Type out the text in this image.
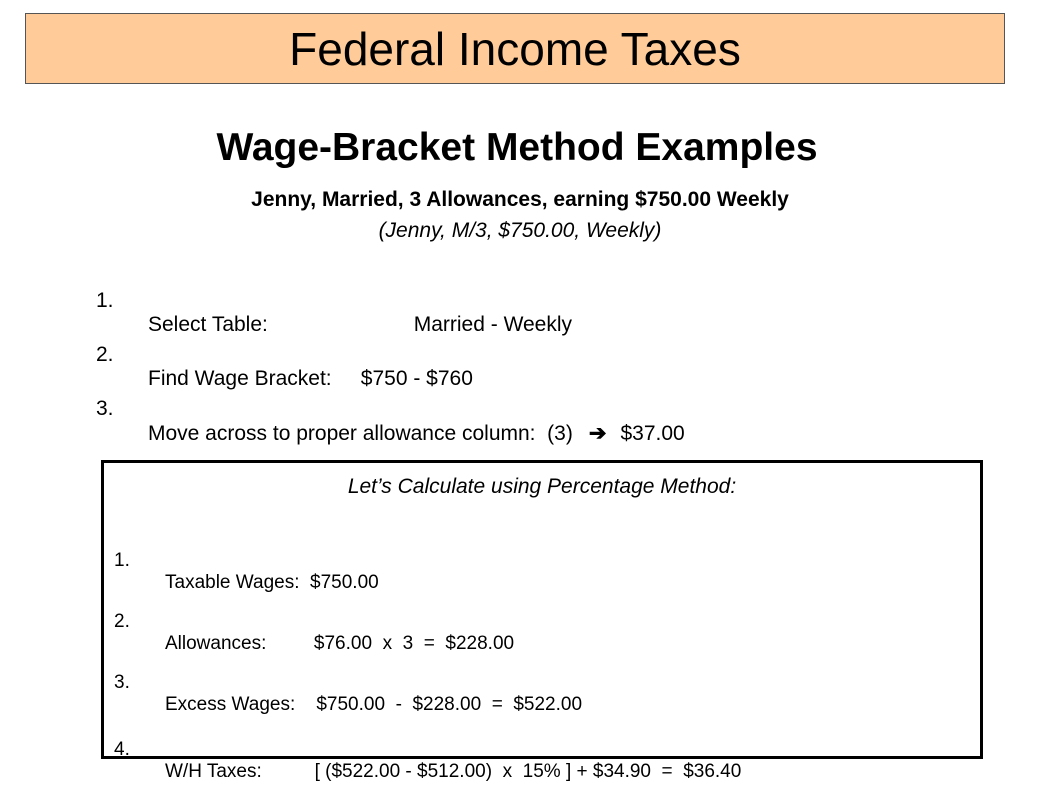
Federal Income Taxes
Wage-Bracket Method Examples
Jenny, Married, 3 Allowances, earning $750.00 Weekly
(Jenny, M/3, $750.00, Weekly)

1.

Select Table:                         Married - Weekly

2.

Find Wage Bracket:     $750 - $760

3.

Move across to proper allowance column:  (3) ➔ $37.00

Let’s Calculate using Percentage Method:

1.

Taxable Wages:  $750.00

2.

Allowances:         $76.00  x  3  =  $228.00

3.

Excess Wages:    $750.00  -  $228.00  =  $522.00

4.

W/H Taxes:          [ ($522.00 - $512.00)  x  15% ] + $34.90  =  $36.40
